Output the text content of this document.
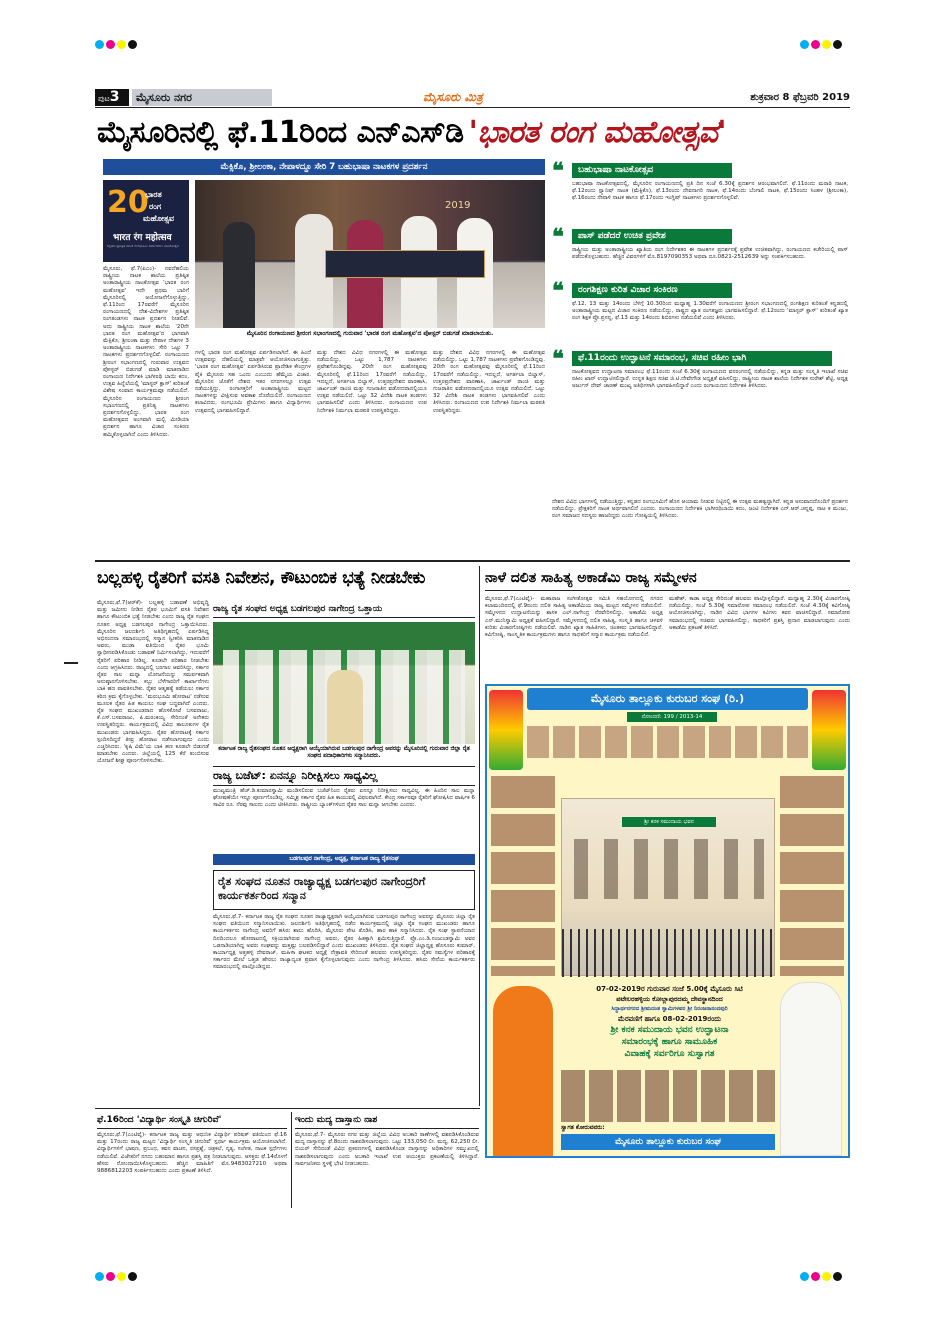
ಪುಟ3	ಮೈಸೂರು ನಗರ	ಮೈಸೂರು ಮಿತ್ರ	ಶುಕ್ರವಾರ 8 ಫೆಬ್ರವರಿ 2019
ಮೈಸೂರಿನಲ್ಲಿ ಫೆ.11ರಿಂದ ಎನ್‌ಎಸ್‌ಡಿ 'ಭಾರತ ರಂಗ ಮಹೋತ್ಸವ'
ಮೆಕ್ಸಿಕೊ, ಶ್ರೀಲಂಕಾ, ನೇಪಾಳದ್ದೂ ಸೇರಿ 7 ಬಹುಭಾಷಾ ನಾಟಕಗಳ ಪ್ರದರ್ಶನ
20
ಭಾರತ
ರಂಗ
ಮಹೋತ್ಸವ
भारत रंग महोत्सव
ಕನ್ನಡದ ಪ್ರತಿಷ್ಠಿತ ನಾಟಕ ರಂಗಭೂಮಿ ಸರ್ವಾಂಗೀಣ ನಾಟಕೋತ್ಸವ
2019
ಮೈಸೂರಿನ ರಂಗಾಯಣದ ಶ್ರೀರಂಗ ಸಭಾಂಗಣದಲ್ಲಿ ಗುರುವಾರ 'ಭಾರತ ರಂಗ ಮಹೋತ್ಸವ'ದ ಪೋಸ್ಟರ್ ಬಿಡುಗಡೆ ಮಾಡಲಾಯಿತು.
ಮೈಸೂರು, ಫೆ.7(ಪಿಎಂ)- ನವದೆಹಲಿಯ ರಾಷ್ಟ್ರೀಯ ನಾಟಕ ಶಾಲೆಯ ಪ್ರತಿಷ್ಠಿತ ಅಂತಾರಾಷ್ಟ್ರೀಯ ನಾಟಕೋತ್ಸವ 'ಭಾರತ ರಂಗ ಮಹೋತ್ಸವ' ಇದೇ ಪ್ರಥಮ ಬಾರಿಗೆ ಮೈಸೂರಿನಲ್ಲಿ ಆಯೋಜನೆಗೊಳ್ಳುತ್ತಿದ್ದು, ಫೆ.11ರಿಂದ 17ರವರೆಗೆ ಮೈಸೂರಿನ ರಂಗಾಯಣದಲ್ಲಿ ದೇಶ-ವಿದೇಶಗಳ ಪ್ರತಿಷ್ಠಿತ ರಂಗತಂಡಗಳು ನಾಟಕ ಪ್ರದರ್ಶನ ನೀಡಲಿವೆ. ಅದು ರಾಷ್ಟ್ರೀಯ ನಾಟಕ ಶಾಲೆಯ '20ನೇ ಭಾರತ ರಂಗ ಮಹೋತ್ಸವ'ದ ಭಾಗವಾಗಿ ಮೆಕ್ಸಿಕೊ, ಶ್ರೀಲಂಕಾ ಮತ್ತು ನೇಪಾಳ ದೇಶಗಳ 3 ಅಂತಾರಾಷ್ಟ್ರೀಯ ನಾಟಕಗಳು ಸೇರಿ ಒಟ್ಟು 7 ನಾಟಕಗಳು ಪ್ರದರ್ಶನಗೊಳ್ಳಲಿವೆ. ರಂಗಾಯಣದ ಶ್ರೀರಂಗ ಸಭಾಂಗಣದಲ್ಲಿ ಗುರುವಾರ ಉತ್ಸವದ ಪೋಸ್ಟರ್ ಬಿಡುಗಡೆ ಮಾಡಿ ಮಾತನಾಡಿದ ರಂಗಾಯಣ ನಿರ್ದೇಶಕಿ ಭಾಗೀರಥಿ ಬಾಯಿ ಕದಂ, ಉತ್ಸವ ಹಿನ್ನೆಲೆಯಲ್ಲಿ 'ಮಾಸ್ಟರ್ ಕ್ಲಾಸ್' ಕುರಿತಂತೆ ವಿಶೇಷ ಸಂವಾದ ಕಾರ್ಯಕ್ರಮವೂ ನಡೆಯಲಿದೆ. ಮೈಸೂರಿನ ರಂಗಾಯಣದ ಶ್ರೀರಂಗ ಸಭಾಂಗಣದಲ್ಲಿ ಪ್ರತಿನಿತ್ಯ ನಾಟಕಗಳು ಪ್ರದರ್ಶನಗೊಳ್ಳಲಿದ್ದು, ಭಾರತ ರಂಗ ಮಹೋತ್ಸವದ ಅಂಗವಾಗಿ ಮಲ್ಟಿ ಮೀಡಿಯಾ ಪ್ರದರ್ಶನ ಹಾಗೂ ವಿಚಾರ ಸಂಕಿರಣ ಹಮ್ಮಿಕೊಳ್ಳಲಾಗಿದೆ ಎಂದು ತಿಳಿಸಿದರು.
ಗಳಲ್ಲಿ ಭಾರತ ರಂಗ ಮಹೋತ್ಸವ ಏರ್ಪಡಿಸಲಾಗಿದೆ. ಈ ಹಿಂದೆ ಉತ್ಸವವನ್ನು ದೆಹಲಿಯಲ್ಲಿ ಮಾತ್ರವೇ ಆಯೋಜಿಸಲಾಗುತ್ತಿತ್ತು. 'ಭಾರತ ರಂಗ ಮಹೋತ್ಸವ' ಏರ್ಪಡಿಸಿರುವ ಪ್ರಾದೇಶಿಕ ಕೇಂದ್ರಗಳ ಪೈಕಿ ಮೈಸೂರು ಸಹ ಒಂದು ಎಂಬುದು ಹೆಮ್ಮೆಯ ವಿಚಾರ. ಮೈಸೂರಿನ ಜೊತೆಗೆ ದೇಶದ ಇತರ ನಗರಗಳಲ್ಲೂ ಉತ್ಸವ ನಡೆಯುತ್ತಿದ್ದು, ರಂಗಾಸಕ್ತರಿಗೆ ಅಂತಾರಾಷ್ಟ್ರೀಯ ಮಟ್ಟದ ನಾಟಕಗಳನ್ನು ವೀಕ್ಷಿಸುವ ಅವಕಾಶ ದೊರೆಯಲಿದೆ. ರಂಗಾಯಣದ ಕಲಾವಿದರು, ರಂಗಭೂಮಿ ಪ್ರೇಮಿಗಳು ಹಾಗೂ ವಿದ್ಯಾರ್ಥಿಗಳು ಉತ್ಸವದಲ್ಲಿ ಭಾಗವಹಿಸಲಿದ್ದಾರೆ.
ಮತ್ತು ದೇಶದ ವಿವಿಧ ನಗರಗಳಲ್ಲಿ ಈ ಮಹೋತ್ಸವ ನಡೆಯಲಿದ್ದು, ಒಟ್ಟು 1,787 ನಾಟಕಗಳು ಪ್ರವೇಶಗೊಂಡಿದ್ದವು. 20ನೇ ರಂಗ ಮಹೋತ್ಸವವು ಮೈಸೂರಿನಲ್ಲಿ ಫೆ.11ರಿಂದ 17ರವರೆಗೆ ನಡೆಯಲಿದ್ದು, ಇದಲ್ಲದೆ, ಅಗರ್ತಲಾ ಬಿಲ್ವಾಸ್, ಉತ್ತರಪ್ರದೇಶದ ವಾರಣಾಸಿ, ಜಾರ್ಖಂಡ್ ರಾಂಚಿ ಮತ್ತು ಗುಜರಾತಿನ ವಡೋದರಾದಲ್ಲಿಯೂ ಉತ್ಸವ ನಡೆಯಲಿದೆ. ಒಟ್ಟು 32 ವಿದೇಶಿ ನಾಟಕ ತಂಡಗಳು ಭಾಗವಹಿಸಲಿವೆ ಎಂದು ತಿಳಿಸಿದರು. ರಂಗಾಯಣದ ಉಪ ನಿರ್ದೇಶಕಿ ನಿರ್ಮಲಾ ಮಠಪತಿ ಉಪಸ್ಥಿತರಿದ್ದರು.
ಮತ್ತು ದೇಶದ ವಿವಿಧ ನಗರಗಳಲ್ಲಿ ಈ ಮಹೋತ್ಸವ ನಡೆಯಲಿದ್ದು, ಒಟ್ಟು 1,787 ನಾಟಕಗಳು ಪ್ರವೇಶಗೊಂಡಿದ್ದವು. 20ನೇ ರಂಗ ಮಹೋತ್ಸವವು ಮೈಸೂರಿನಲ್ಲಿ ಫೆ.11ರಿಂದ 17ರವರೆಗೆ ನಡೆಯಲಿದ್ದು, ಇದಲ್ಲದೆ, ಅಗರ್ತಲಾ ಬಿಲ್ವಾಸ್, ಉತ್ತರಪ್ರದೇಶದ ವಾರಣಾಸಿ, ಜಾರ್ಖಂಡ್ ರಾಂಚಿ ಮತ್ತು ಗುಜರಾತಿನ ವಡೋದರಾದಲ್ಲಿಯೂ ಉತ್ಸವ ನಡೆಯಲಿದೆ. ಒಟ್ಟು 32 ವಿದೇಶಿ ನಾಟಕ ತಂಡಗಳು ಭಾಗವಹಿಸಲಿವೆ ಎಂದು ತಿಳಿಸಿದರು. ರಂಗಾಯಣದ ಉಪ ನಿರ್ದೇಶಕಿ ನಿರ್ಮಲಾ ಮಠಪತಿ ಉಪಸ್ಥಿತರಿದ್ದರು.
❝	ಬಹುಭಾಷಾ ನಾಟಕೋತ್ಸವ
ಬಹುಭಾಷಾ ನಾಟಕೋತ್ಸವದಲ್ಲಿ, ಮೈಸೂರಿನ ರಂಗಾಯಣದಲ್ಲಿ ಪ್ರತಿ ದಿನ ಸಂಜೆ 6.30ಕ್ಕೆ ಪ್ರದರ್ಶನ ಆರಂಭವಾಗಲಿದೆ. ಫೆ.11ರಂದು ಮರಾಠಿ ನಾಟಕ, ಫೆ.12ರಂದು ಸ್ಪ್ಯಾನಿಷ್ ನಾಟಕ (ಮೆಕ್ಸಿಕೊ), ಫೆ.13ರಂದು ದೇವನಾಗರಿ ನಾಟಕ, ಫೆ.14ರಂದು ಬೆಂಗಾಲಿ ನಾಟಕ, ಫೆ.15ರಂದು ಸಿಂಹಳ (ಶ್ರೀಲಂಕಾ), ಫೆ.16ರಂದು ನೇಪಾಳಿ ನಾಟಕ ಹಾಗೂ ಫೆ.17ರಂದು ಇಂಗ್ಲಿಷ್ ನಾಟಕಗಳು ಪ್ರದರ್ಶನಗೊಳ್ಳಲಿವೆ.
❝	ಪಾಸ್ ಪಡೆದರೆ ಉಚಿತ ಪ್ರವೇಶ
ರಾಷ್ಟ್ರೀಯ ಮತ್ತು ಅಂತಾರಾಷ್ಟ್ರೀಯ ಖ್ಯಾತಿಯ ರಂಗ ನಿರ್ದೇಶಕರ ಈ ನಾಟಕಗಳ ಪ್ರದರ್ಶನಕ್ಕೆ ಪ್ರವೇಶ ಉಚಿತವಾಗಿದ್ದು, ರಂಗಾಯಣದ ಕಚೇರಿಯಲ್ಲಿ ಪಾಸ್ ಪಡೆದುಕೊಳ್ಳಬಹುದು. ಹೆಚ್ಚಿನ ವಿವರಗಳಿಗೆ ಮೊ.8197090353 ಅಥವಾ ದೂ.0821-2512639 ಅನ್ನು ಸಂಪರ್ಕಿಸಬಹುದು.
❝	ರಂಗಶಿಕ್ಷಣ ಕುರಿತ ವಿಚಾರ ಸಂಕಿರಣ
ಫೆ.12, 13 ಮತ್ತು 14ರಂದು ಬೆಳಿಗ್ಗೆ 10.30ರಿಂದ ಮಧ್ಯಾಹ್ನ 1.30ವರೆಗೆ ರಂಗಾಯಣದ ಶ್ರೀರಂಗ ಸಭಾಂಗಣದಲ್ಲಿ ರಂಗಶಿಕ್ಷಣ ಕುರಿತಂತೆ ಕನ್ನಡದಲ್ಲಿ ಅಂತಾರಾಷ್ಟ್ರೀಯ ಮಟ್ಟದ ವಿಚಾರ ಸಂಕಿರಣ ನಡೆಯಲಿದ್ದು, ರಾಷ್ಟ್ರದ ಖ್ಯಾತ ರಂಗತಜ್ಞರು ಭಾಗವಹಿಸಲಿದ್ದಾರೆ. ಫೆ.12ರಂದು 'ಮಾಸ್ಟರ್ ಕ್ಲಾಸ್' ಕುರಿತಂತೆ ಖ್ಯಾತ ರಂಗ ಶಿಕ್ಷಕ ಪ್ರೊ.ಪ್ರಸನ್ನ, ಫೆ.13 ಮತ್ತು 14ರಂದು ಶಿಬಿರಗಳು ನಡೆಯಲಿವೆ ಎಂದು ತಿಳಿಸಿದರು.
❝	ಫೆ.11ರಂದು ಉದ್ಘಾಟನೆ ಸಮಾರಂಭ, ಸಚಿವ ರಹೀಂ ಭಾಗಿ
ನಾಟಕೋತ್ಸವದ ಉದ್ಘಾಟನಾ ಸಮಾರಂಭ ಫೆ.11ರಂದು ಸಂಜೆ 6.30ಕ್ಕೆ ರಂಗಾಯಣದ ವನರಂಗದಲ್ಲಿ ನಡೆಯಲಿದ್ದು, ಕನ್ನಡ ಮತ್ತು ಸಂಸ್ಕೃತಿ ಇಲಾಖೆ ಸಚಿವ ರಹೀಂ ಖಾನ್ ಉದ್ಘಾಟಿಸಲಿದ್ದಾರೆ. ಉನ್ನತ ಶಿಕ್ಷಣ ಸಚಿವ ಜಿ.ಟಿ.ದೇವೇಗೌಡ ಅಧ್ಯಕ್ಷತೆ ವಹಿಸಲಿದ್ದು, ರಾಷ್ಟ್ರೀಯ ನಾಟಕ ಶಾಲೆಯ ನಿರ್ದೇಶಕ ಸುರೇಶ್ ಶೆಟ್ಟಿ, ಅಧ್ಯಕ್ಷ ಅರ್ಜುನ್ ದೇವ್ ಚಾರಣ್ ಮುಖ್ಯ ಅತಿಥಿಗಳಾಗಿ ಭಾಗವಹಿಸಲಿದ್ದಾರೆ ಎಂದು ರಂಗಾಯಣದ ನಿರ್ದೇಶಕಿ ತಿಳಿಸಿದರು.
ದೇಶದ ವಿವಿಧ ಭಾಗಗಳಲ್ಲಿ ನಡೆಯುತ್ತಿದ್ದು, ಕನ್ನಡದ ರಂಗಭೂಮಿಗೆ ಹೊಸ ಆಯಾಮ ನೀಡುವ ನಿಟ್ಟಿನಲ್ಲಿ ಈ ಉತ್ಸವ ಮಹತ್ವದ್ದಾಗಿದೆ. ಕನ್ನಡ ಅನುವಾದದೊಂದಿಗೆ ಪ್ರದರ್ಶನ ನಡೆಯಲಿದ್ದು, ಪ್ರೇಕ್ಷಕರಿಗೆ ನಾಟಕ ಅರ್ಥವಾಗಲಿದೆ ಎಂದರು. ರಂಗಾಯಣದ ನಿರ್ದೇಶಕಿ ಭಾಗೀರಥಿಬಾಯಿ ಕದಂ, ಜಂಟಿ ನಿರ್ದೇಶಕ ಎನ್.ಆರ್.ಚನ್ನಪ್ಪ, ನಾಟ ಕ ಮಂಜು, ರಂಗ ಸಮಾಜದ ಸದಸ್ಯರು ಹಾಜರಿದ್ದರು ಎಂದು ಗೋಷ್ಠಿಯಲ್ಲಿ ತಿಳಿಸಿದರು.
ಬಲ್ಲಹಳ್ಳಿ ರೈತರಿಗೆ ವಸತಿ ನಿವೇಶನ, ಕೌಟುಂಬಿಕ ಭತ್ಯೆ ನೀಡಬೇಕು
ರಾಜ್ಯ ರೈತ ಸಂಘದ ಅಧ್ಯಕ್ಷ ಬಡಗಲಪುರ ನಾಗೇಂದ್ರ ಒತ್ತಾಯ
ಕರ್ನಾಟಕ ರಾಜ್ಯ ರೈತಸಂಘದ ನೂತನ ಅಧ್ಯಕ್ಷರಾಗಿ ಆಯ್ಕೆಯಾಗಿರುವ ಬಡಗಲಪುರ ನಾಗೇಂದ್ರ ಅವರನ್ನು ಮೈಸೂರಿನಲ್ಲಿ ಗುರುವಾರ ಜಿಲ್ಲಾ ರೈತ ಸಂಘದ ಪದಾಧಿಕಾರಿಗಳು ಸನ್ಮಾನಿಸಿದರು.
ಮೈಸೂರು,ಫೆ.7(ಆರ್‌ಕೆ)- ಬಲ್ಲಹಳ್ಳಿ ಬಡಾವಣೆ ಅಭಿವೃದ್ಧಿ ಮತ್ತು ಜಮೀನು ನೀಡಿದ ರೈತರ ಭೂಮಿಗೆ ವಸತಿ ನಿವೇಶನ ಹಾಗೂ ಕೌಟುಂಬಿಕ ಭತ್ಯೆ ನೀಡಬೇಕು ಎಂದು ರಾಜ್ಯ ರೈತ ಸಂಘದ ನೂತನ ಅಧ್ಯಕ್ಷ ಬಡಗಲಪುರ ನಾಗೇಂದ್ರ ಒತ್ತಾಯಿಸಿದರು. ಮೈಸೂರಿನ ಜಲದರ್ಶಿನಿ ಅತಿಥಿಗೃಹದಲ್ಲಿ ಏರ್ಪಡಿಸಿದ್ದ ಅಭಿನಂದನಾ ಸಮಾರಂಭದಲ್ಲಿ ಸನ್ಮಾನ ಸ್ವೀಕರಿಸಿ ಮಾತನಾಡಿದ ಅವರು, ಮುಡಾ ವತಿಯಿಂದ ರೈತರ ಭೂಮಿ ಸ್ವಾಧೀನಪಡಿಸಿಕೊಂಡು ಬಡಾವಣೆ ನಿರ್ಮಿಸಲಾಗಿದ್ದು, ಇದುವರೆಗೆ ರೈತರಿಗೆ ಪರಿಹಾರ ನೀಡಿಲ್ಲ. ಕೂಡಲೇ ಪರಿಹಾರ ನೀಡಬೇಕು ಎಂದು ಆಗ್ರಹಿಸಿದರು. ರಾಜ್ಯದಲ್ಲಿ ಬರಗಾಲ ಆವರಿಸಿದ್ದು, ಸರ್ಕಾರ ರೈತರ ಸಾಲ ಮನ್ನಾ ಯೋಜನೆಯನ್ನು ಸಮರ್ಪಕವಾಗಿ ಅನುಷ್ಠಾನಗೊಳಿಸಬೇಕು. ಕಬ್ಬು ಬೆಳೆಗಾರರಿಗೆ ಕಾರ್ಖಾನೆಗಳು ಬಾಕಿ ಹಣ ಪಾವತಿಸಬೇಕು. ರೈತರ ಆತ್ಮಹತ್ಯೆ ತಡೆಯಲು ಸರ್ಕಾರ ಕಠಿಣ ಕ್ರಮ ಕೈಗೊಳ್ಳಬೇಕು. 'ಮರುಭೂಮಿ ಹೋರಾಟ' ನಡೆಸುವ ಮೂಲಕ ರೈತರ ಹಿತ ಕಾಯಲು ಸಂಘ ಬದ್ಧವಾಗಿದೆ ಎಂದರು. ರೈತ ಸಂಘದ ಮುಖಂಡರಾದ ಹೊಸಕೋಟೆ ಬಸವರಾಜು, ಕೆ.ಎಸ್.ಬಸವರಾಜು, ಪಿ.ಮರಂಕಯ್ಯ ಸೇರಿದಂತೆ ಅನೇಕರು ಉಪಸ್ಥಿತರಿದ್ದರು. ಕಾರ್ಯಕ್ರಮದಲ್ಲಿ ವಿವಿಧ ತಾಲೂಕುಗಳ ರೈತ ಮುಖಂಡರು ಭಾಗವಹಿಸಿದ್ದರು. ರೈತರ ಹೋರಾಟಕ್ಕೆ ಸರ್ಕಾರ ಸ್ಪಂದಿಸದಿದ್ದರೆ ತೀವ್ರ ಹೋರಾಟ ನಡೆಸಲಾಗುವುದು ಎಂದು ಎಚ್ಚರಿಸಿದರು. 'ಕೃಷಿ ವಿಮೆ'ಯ ಬಾಕಿ ಹಣ ಕೂಡಲೇ ಬಿಡುಗಡೆ ಮಾಡಬೇಕು ಎಂದರು. ಜಿಲ್ಲೆಯಲ್ಲಿ 125 ಕೆರೆ ತುಂಬಿಸುವ ಯೋಜನೆ ಶೀಘ್ರ ಪೂರ್ಣಗೊಳಿಸಬೇಕು.
ರಾಜ್ಯ ಬಜೆಟ್: ಏನನ್ನೂ ನಿರೀಕ್ಷಿಸಲು ಸಾಧ್ಯವಿಲ್ಲ
ಮುಖ್ಯಮಂತ್ರಿ ಹೆಚ್.ಡಿ.ಕುಮಾರಸ್ವಾಮಿ ಮಂಡಿಸಲಿರುವ ಬಜೆಟ್‌ನಿಂದ ರೈತರು ಏನನ್ನೂ ನಿರೀಕ್ಷಿಸಲು ಸಾಧ್ಯವಿಲ್ಲ. ಈ ಹಿಂದಿನ ಸಾಲ ಮನ್ನಾ ಘೋಷಣೆಯೇ ಇನ್ನೂ ಪೂರ್ಣಗೊಂಡಿಲ್ಲ. ಸಮ್ಮಿಶ್ರ ಸರ್ಕಾರ ರೈತರ ಹಿತ ಕಾಯುವಲ್ಲಿ ವಿಫಲವಾಗಿದೆ. ಕೇಂದ್ರ ಸರ್ಕಾರವೂ ರೈತರಿಗೆ ಘೋಷಿಸಿದ ವಾರ್ಷಿಕ 6 ಸಾವಿರ ರೂ. ನೆರವು ಸಾಲದು ಎಂದು ಟೀಕಿಸಿದರು. ರಾಷ್ಟ್ರೀಯ ಬ್ಯಾಂಕ್‌ಗಳಿಂದ ರೈತರ ಸಾಲ ಮನ್ನಾ ಆಗಬೇಕು ಎಂದರು.
ಬಡಗಲಪುರ ನಾಗೇಂದ್ರ, ಅಧ್ಯಕ್ಷ, ಕರ್ನಾಟಕ ರಾಜ್ಯ ರೈತಸಂಘ
ರೈತ ಸಂಘದ ನೂತನ ರಾಜ್ಯಾಧ್ಯಕ್ಷ ಬಡಗಲಪುರ ನಾಗೇಂದ್ರರಿಗೆ ಕಾರ್ಯಕರ್ತರಿಂದ ಸನ್ಮಾನ
ಮೈಸೂರು,ಫೆ.7- ಕರ್ನಾಟಕ ರಾಜ್ಯ ರೈತ ಸಂಘದ ನೂತನ ರಾಜ್ಯಾಧ್ಯಕ್ಷರಾಗಿ ಆಯ್ಕೆಯಾಗಿರುವ ಬಡಗಲಪುರ ನಾಗೇಂದ್ರ ಅವರನ್ನು ಮೈಸೂರು ಜಿಲ್ಲಾ ರೈತ ಸಂಘದ ವತಿಯಿಂದ ಸನ್ಮಾನಿಸಲಾಯಿತು. ಜಲದರ್ಶಿನಿ ಅತಿಥಿಗೃಹದಲ್ಲಿ ನಡೆದ ಕಾರ್ಯಕ್ರಮದಲ್ಲಿ ಜಿಲ್ಲಾ ರೈತ ಸಂಘದ ಮುಖಂಡರು ಹಾಗೂ ಕಾರ್ಯಕರ್ತರು ನಾಗೇಂದ್ರ ಅವರಿಗೆ ಹಸಿರು ಶಾಲು ಹೊದಿಸಿ, ಮೈಸೂರು ಪೇಟ ತೊಡಿಸಿ, ಹಾರ ಹಾಕಿ ಸನ್ಮಾನಿಸಿದರು. ರೈತ ಸಂಘ ಸ್ಥಾಪನೆಯಾದ ದಿನದಿಂದಲೂ ಹೋರಾಟದಲ್ಲಿ ಸಕ್ರಿಯರಾಗಿರುವ ನಾಗೇಂದ್ರ ಅವರು, ರೈತರ ಹಿತಕ್ಕಾಗಿ ಶ್ರಮಿಸುತ್ತಿದ್ದಾರೆ. ಪ್ರೊ.ಎಂ.ಡಿ.ನಂಜುಂಡಸ್ವಾಮಿ ಅವರ ಒಡನಾಡಿಯಾಗಿದ್ದ ಅವರು ಸಂಘವನ್ನು ಮತ್ತಷ್ಟು ಬಲಪಡಿಸಲಿದ್ದಾರೆ ಎಂದು ಮುಖಂಡರು ತಿಳಿಸಿದರು. ರೈತ ಸಂಘದ ಜಿಲ್ಲಾಧ್ಯಕ್ಷ ಹೊಸೂರು ಕುಮಾರ್, ಕಾರ್ಯಾಧ್ಯಕ್ಷ ಅತ್ತಹಳ್ಳಿ ದೇವರಾಜ್, ಮಹಿಳಾ ಘಟಕದ ಅಧ್ಯಕ್ಷೆ ನೇತ್ರಾವತಿ ಸೇರಿದಂತೆ ಹಲವರು ಉಪಸ್ಥಿತರಿದ್ದರು. ರೈತರ ಸಮಸ್ಯೆಗಳ ಪರಿಹಾರಕ್ಕೆ ಸರ್ಕಾರದ ಮೇಲೆ ಒತ್ತಡ ಹೇರಲು ರಾಜ್ಯಾದ್ಯಂತ ಪ್ರವಾಸ ಕೈಗೊಳ್ಳಲಾಗುವುದು ಎಂದು ನಾಗೇಂದ್ರ ತಿಳಿಸಿದರು. ಹಸಿರು ಸೇನೆಯ ಕಾರ್ಯಕರ್ತರು ಸಮಾರಂಭದಲ್ಲಿ ಪಾಲ್ಗೊಂಡಿದ್ದರು.
ನಾಳೆ ದಲಿತ ಸಾಹಿತ್ಯ ಅಕಾಡೆಮಿ ರಾಜ್ಯ ಸಮ್ಮೇಳನ
ಮೈಸೂರು,ಫೆ.7(ಎಂಟಿವೈ)- ಮಹಾರಾಜ ಸಂಗೀತೋತ್ಸವ ಸಮಿತಿ ಸಹಯೋಗದಲ್ಲಿ ನಗರದ ಕಲಾಮಂದಿರದಲ್ಲಿ ಫೆ.9ರಂದು ದಲಿತ ಸಾಹಿತ್ಯ ಅಕಾಡೆಮಿಯ ರಾಜ್ಯ ಮಟ್ಟದ ಸಮ್ಮೇಳನ ನಡೆಯಲಿದೆ. ಸಮ್ಮೇಳನದ ಉದ್ಘಾಟನೆಯನ್ನು ಶಾಸಕ ಎಲ್.ನಾಗೇಂದ್ರ ನೆರವೇರಿಸಲಿದ್ದು, ಅಕಾಡೆಮಿ ಅಧ್ಯಕ್ಷ ಎನ್.ಮುನಿಸ್ವಾಮಿ ಅಧ್ಯಕ್ಷತೆ ವಹಿಸಲಿದ್ದಾರೆ. ಸಮ್ಮೇಳನದಲ್ಲಿ ದಲಿತ ಸಾಹಿತ್ಯ, ಸಂಸ್ಕೃತಿ ಹಾಗೂ ಚಳವಳಿ ಕುರಿತು ವಿಚಾರಗೋಷ್ಠಿಗಳು ನಡೆಯಲಿವೆ. ನಾಡಿನ ಖ್ಯಾತ ಸಾಹಿತಿಗಳು, ಚಿಂತಕರು ಭಾಗವಹಿಸಲಿದ್ದಾರೆ. ಕವಿಗೋಷ್ಠಿ, ಸಾಂಸ್ಕೃತಿಕ ಕಾರ್ಯಕ್ರಮಗಳು ಹಾಗೂ ಸಾಧಕರಿಗೆ ಸನ್ಮಾನ ಕಾರ್ಯಕ್ರಮ ನಡೆಯಲಿದೆ.
ಮಹೇಶ್, ಕಾಡಾ ಅಧ್ಯಕ್ಷ ಸೇರಿದಂತೆ ಹಲವರು ಪಾಲ್ಗೊಳ್ಳಲಿದ್ದಾರೆ. ಮಧ್ಯಾಹ್ನ 2.30ಕ್ಕೆ ವಿಚಾರಗೋಷ್ಠಿ ನಡೆಯಲಿದ್ದು, ಸಂಜೆ 5.30ಕ್ಕೆ ಸಮಾರೋಪ ಸಮಾರಂಭ ನಡೆಯಲಿದೆ. ಸಂಜೆ 4.30ಕ್ಕೆ ಕವಿಗೋಷ್ಠಿ ಆಯೋಜಿಸಲಾಗಿದ್ದು, ನಾಡಿನ ವಿವಿಧ ಭಾಗಗಳ ಕವಿಗಳು ಕವನ ವಾಚಿಸಲಿದ್ದಾರೆ. ಸಮಾರೋಪ ಸಮಾರಂಭದಲ್ಲಿ ಸಚಿವರು ಭಾಗವಹಿಸಲಿದ್ದು, ಸಾಧಕರಿಗೆ ಪ್ರಶಸ್ತಿ ಪ್ರದಾನ ಮಾಡಲಾಗುವುದು ಎಂದು ಅಕಾಡೆಮಿ ಪ್ರಕಟಣೆ ತಿಳಿಸಿದೆ.
ಮೈಸೂರು ತಾಲ್ಲೂಕು ಕುರುಬರ ಸಂಘ (ರಿ.)
ನೋಂದಣಿ: 199 / 2013-14
ಶ್ರೀ ಕನಕ ಸಮುದಾಯ ಭವನ
07-02-2019ರ ಗುರುವಾರ ಸಂಜೆ 5.00ಕ್ಕೆ ಮೈಸೂರು ಸಿಟಿ
ಪಟೇಲರಹಳ್ಳಿಯ ಕೋಲ್ಲಾಪುರದಮ್ಮ ದೇವಸ್ಥಾನದಿಂದ
ಸಿದ್ಧಾರ್ಥನಗರದ ಶ್ರೀಮದಂತ ಸ್ವಾಮಿಗಳವರ ಶ್ರೀ ನಿರಂಜನಾನಂದಪುರಿ
ಮೆರವಣಿಗೆ ಹಾಗೂ 08-02-2019ರಂದು
ಶ್ರೀ ಕನಕ ಸಮುದಾಯ ಭವನ ಉದ್ಘಾಟನಾ
ಸಮಾರಂಭಕ್ಕೆ ಹಾಗೂ ಸಾಮೂಹಿಕ
ವಿವಾಹಕ್ಕೆ ಸರ್ವರಿಗೂ ಸುಸ್ವಾಗತ
ಸ್ವಾಗತ ಕೋರುವವರು:
ಮೈಸೂರು ತಾಲ್ಲೂಕು ಕುರುಬರ ಸಂಘ
ಫೆ.16ರಿಂದ 'ವಿದ್ಯಾರ್ಥಿ ಸಂಸ್ಕೃತಿ ಚಿಗುರಿವೆ'
ಮೈಸೂರು,ಫೆ.7(ಎಂಟಿವೈ)- ಕರ್ನಾಟಕ ರಾಜ್ಯ ಮತ್ತು ಆಧುನಿಕ ವಿದ್ಯಾರ್ಥಿ ಪರಿಷತ್ ವತಿಯಿಂದ ಫೆ.16 ಮತ್ತು 17ರಂದು ರಾಜ್ಯ ಮಟ್ಟದ 'ವಿದ್ಯಾರ್ಥಿ ಸಂಸ್ಕೃತಿ ಚಿಗುರಿವೆ' ಸ್ಪರ್ಧಾ ಕಾರ್ಯಕ್ರಮ ಆಯೋಜಿಸಲಾಗಿದೆ. ವಿದ್ಯಾರ್ಥಿಗಳಿಗೆ ಭಾಷಣ, ಪ್ರಬಂಧ, ಕವನ ವಾಚನ, ರಸಪ್ರಶ್ನೆ, ಚಿತ್ರಕಲೆ, ನೃತ್ಯ, ಸಂಗೀತ, ನಾಟಕ ಸ್ಪರ್ಧೆಗಳು ನಡೆಯಲಿವೆ. ವಿಜೇತರಿಗೆ ನಗದು ಬಹುಮಾನ ಹಾಗೂ ಪ್ರಶಸ್ತಿ ಪತ್ರ ನೀಡಲಾಗುವುದು. ಆಸಕ್ತರು ಫೆ.14ರೊಳಗೆ ಹೆಸರು ನೋಂದಾಯಿಸಿಕೊಳ್ಳಬಹುದು. ಹೆಚ್ಚಿನ ಮಾಹಿತಿಗೆ ಮೊ.9483027210 ಅಥವಾ 9886812203 ಸಂಪರ್ಕಿಸಬಹುದು ಎಂದು ಪ್ರಕಟಣೆ ತಿಳಿಸಿದೆ.
ಇಂದು ಮದ್ಯ ದಾಸ್ತಾನು ನಾಶ
ಮೈಸೂರು,ಫೆ.7- ಮೈಸೂರು ನಗರ ಮತ್ತು ಜಿಲ್ಲೆಯ ವಿವಿಧ ಅಬಕಾರಿ ಠಾಣೆಗಳಲ್ಲಿ ವಶಪಡಿಸಿಕೊಂಡಿರುವ ಮದ್ಯ ದಾಸ್ತಾನನ್ನು ಫೆ.8ರಂದು ನಾಶಪಡಿಸಲಾಗುವುದು. ಒಟ್ಟು 133,050 ಲೀ. ಮದ್ಯ, 62,250 ಲೀ. ಬಿಯರ್ ಸೇರಿದಂತೆ ವಿವಿಧ ಪ್ರಕರಣಗಳಲ್ಲಿ ವಶಪಡಿಸಿಕೊಂಡ ದಾಸ್ತಾನನ್ನು ಅಧಿಕಾರಿಗಳ ಸಮ್ಮುಖದಲ್ಲಿ ನಾಶಪಡಿಸಲಾಗುವುದು ಎಂದು ಅಬಕಾರಿ ಇಲಾಖೆ ಉಪ ಆಯುಕ್ತರು ಪ್ರಕಟಣೆಯಲ್ಲಿ ತಿಳಿಸಿದ್ದಾರೆ. ಸಾರ್ವಜನಿಕರು ಸ್ಥಳಕ್ಕೆ ಭೇಟಿ ನೀಡಬಹುದು.
